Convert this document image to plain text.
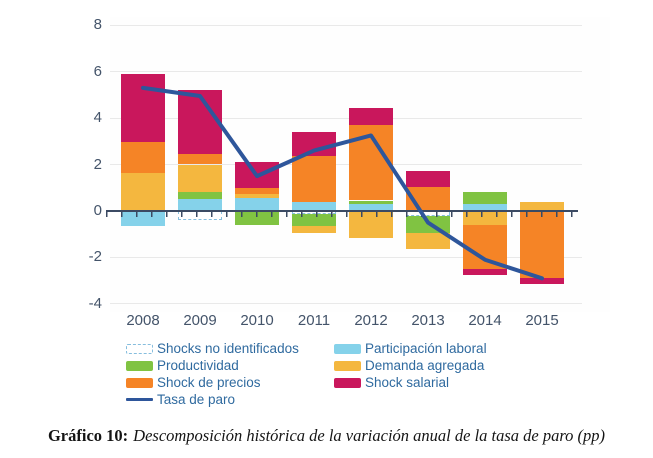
8
6
4
2
0
-2
-4
2008	2009	2010	2011	2012	2013	2014	2015
Shocks no identificados
Productividad
Shock de precios
Tasa de paro
Participación laboral
Demanda agregada
Shock salarial
Gráfico 10: Descomposición histórica de la variación anual de la tasa de paro (pp)
